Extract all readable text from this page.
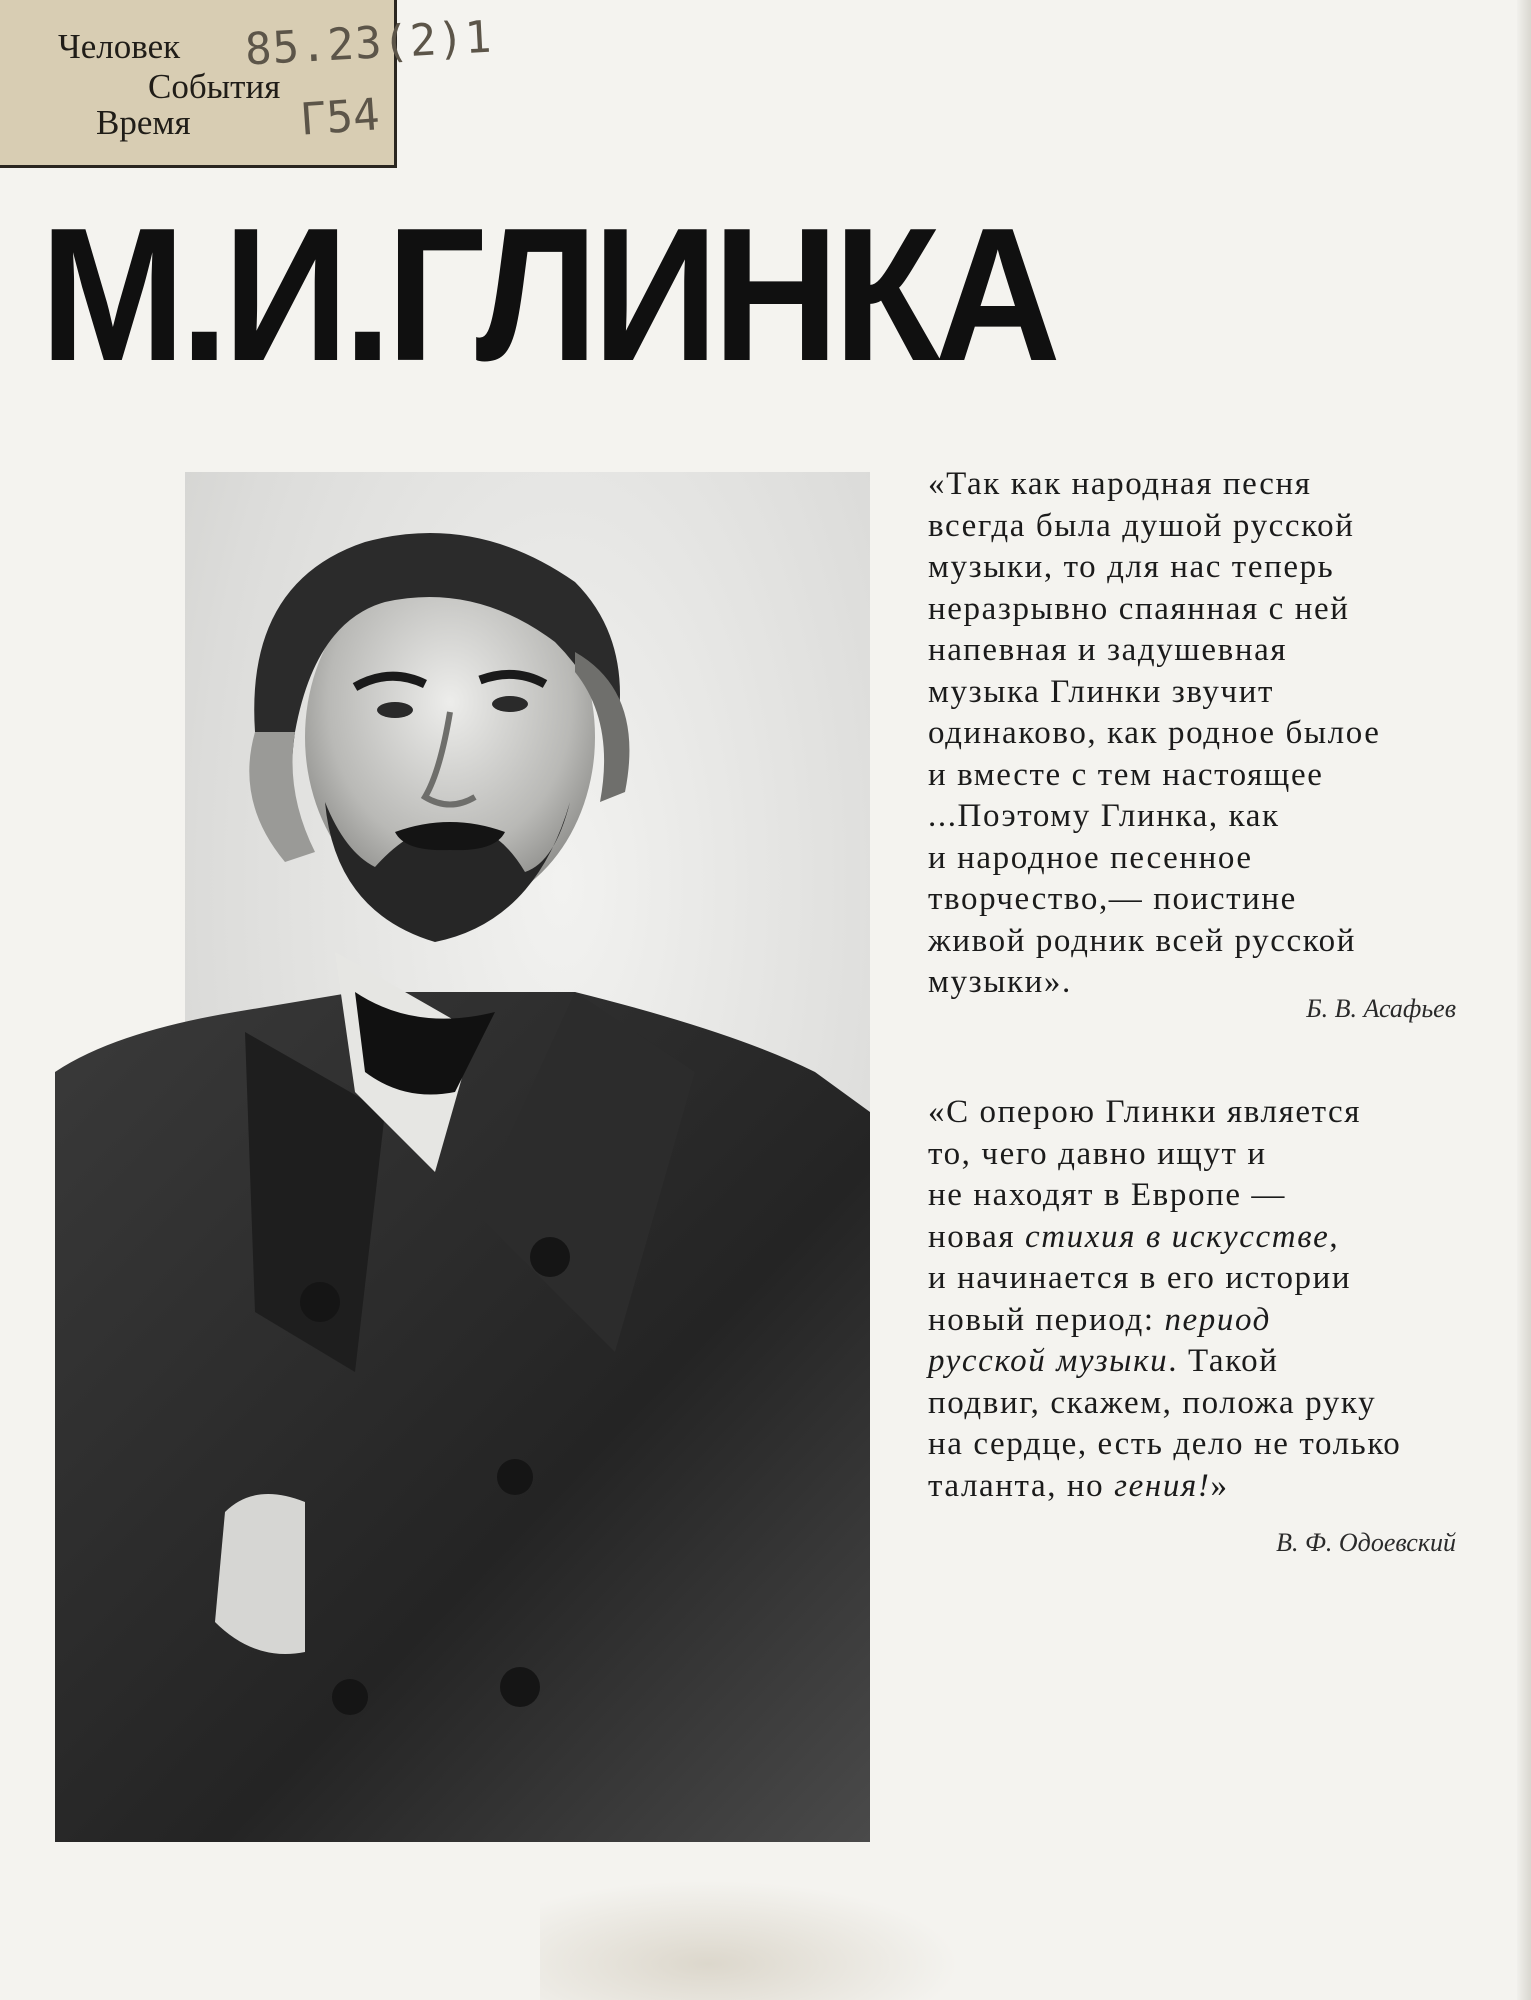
Человек
События
Время
85.23(2)1
Г54
М.И.ГЛИНКА
«Так как народная песня
всегда была душой русской
музыки, то для нас теперь
неразрывно спаянная с ней
напевная и задушевная
музыка Глинки звучит
одинаково, как родное былое
и вместе с тем настоящее
...Поэтому Глинка, как
и народное песенное
творчество,— поистине
живой родник всей русской
музыки».
Б. В. Асафьев
«С оперою Глинки является
то, чего давно ищут и
не находят в Европе —
новая стихия в искусстве,
и начинается в его истории
новый период: период
русской музыки. Такой
подвиг, скажем, положа руку
на сердце, есть дело не только
таланта, но гения!»
В. Ф. Одоевский
